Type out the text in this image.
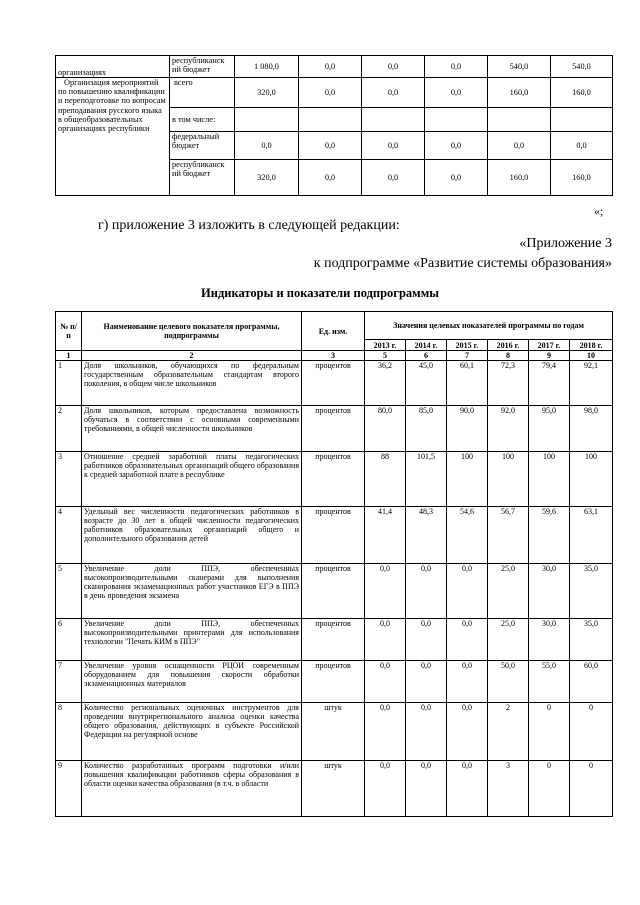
организациях	республиканск ий бюджет	1 080,0	0,0	0,0	0,0	540,0	540,0
Организация мероприятий по повышению квалификации и переподготовке по вопросам преподавания русского языка в общеобразовательных организациях республики	всего	320,0	0,0	0,0	0,0	160,0	160,0
	в том числе:						
	федеральный бюджет	0,0	0,0	0,0	0,0	0,0	0,0
	республиканск ий бюджет	320,0	0,0	0,0	0,0	160,0	160,0
«;
г) приложение 3 изложить в следующей редакции:
«Приложение 3
к подпрограмме «Развитие системы образования»
Индикаторы и показатели подпрограммы
№ п/п	Наименование целевого показателя программы, подпрограммы	Ед. изм.	Значения целевых показателей программы по годам					
			2013 г.	2014 г.	2015 г.	2016 г.	2017 г.	2018 г.
1	2	3	5	6	7	8	9	10
1	Доля школьников, обучающихся по федеральным государственным образовательным стандартам второго поколения, в общем числе школьников	процентов	36,2	45,0	60,1	72,3	79,4	92,1
2	Доля школьников, которым предоставлена возможность обучаться в соответствии с основными современными требованиями, в общей численности школьников	процентов	80,0	85,0	90,0	92,0	95,0	98,0
3	Отношение средней заработной платы педагогических работников образовательных организаций общего образования к средней заработной плате в республике	процентов	88	101,5	100	100	100	100
4	Удельный вес численности педагогических работников в возрасте до 30 лет в общей численности педагогических работников образовательных организаций общего и дополнительного образования детей	процентов	41,4	48,3	54,6	56,7	59,6	63,1
5	Увеличение доли ППЭ, обеспеченных высокопроизводительными сканерами для выполнения сканирования экзаменационных работ участников ЕГЭ в ППЭ в день проведения экзамена	процентов	0,0	0,0	0,0	25,0	30,0	35,0
6	Увеличение доли ППЭ, обеспеченных высокопроизводительными принтерами для использования технологии "Печать КИМ в ППЭ"	процентов	0,0	0,0	0,0	25,0	30,0	35,0
7	Увеличение уровня оснащенности РЦОИ современным оборудованием для повышения скорости обработки экзаменационных материалов	процентов	0,0	0,0	0,0	50,0	55,0	60,0
8	Количество региональных оценочных инструментов для проведения внутрирегионального анализа оценки качества общего образования, действующих в субъекте Российской Федерации на регулярной основе	штук	0,0	0,0	0,0	2	0	0
9	Количество разработанных программ подготовки и/или повышения квалификации работников сферы образования в области оценки качества образования (в т.ч. в области	штук	0,0	0,0	0,0	3	0	0
